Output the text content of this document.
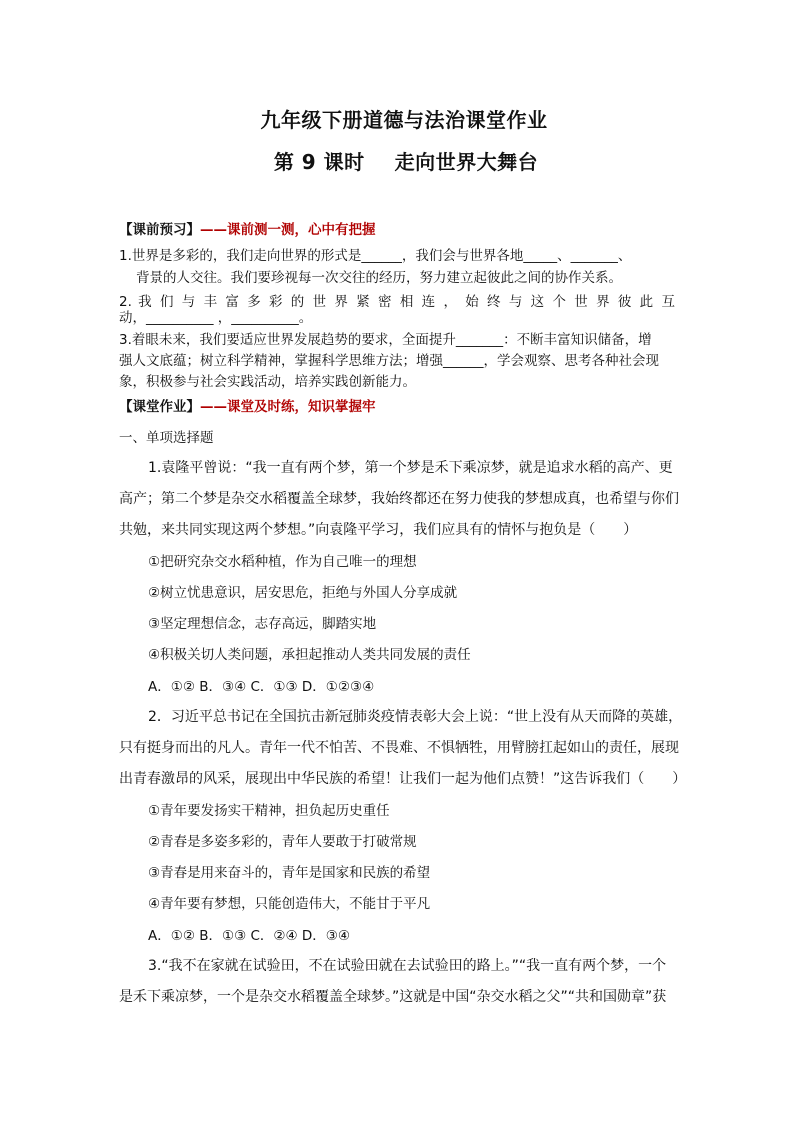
九年级下册道德与法治课堂作业
第 9 课时 走向世界大舞台
【课前预习】——课前测一测，心中有把握
1.世界是多彩的，我们走向世界的形式是______，我们会与世界各地_____、_______、
背景的人交往。我们要珍视每一次交往的经历，努力建立起彼此之间的协作关系。
2. 我 们 与 丰 富 多 彩 的 世 界 紧 密 相 连 ， 始 终 与 这 个 世 界 彼 此 互
动，__________ ，__________。
3.着眼未来，我们要适应世界发展趋势的要求，全面提升_______：不断丰富知识储备，增
强人文底蕴；树立科学精神，掌握科学思维方法；增强______，学会观察、思考各种社会现
象，积极参与社会实践活动，培养实践创新能力。
【课堂作业】——课堂及时练，知识掌握牢
一、单项选择题
1.袁隆平曾说：“我一直有两个梦，第一个梦是禾下乘凉梦，就是追求水稻的高产、更
高产；第二个梦是杂交水稻覆盖全球梦，我始终都还在努力使我的梦想成真，也希望与你们
共勉，来共同实现这两个梦想。”向袁隆平学习，我们应具有的情怀与抱负是（　　）
①把研究杂交水稻种植，作为自己唯一的理想
②树立忧患意识，居安思危，拒绝与外国人分享成就
③坚定理想信念，志存高远，脚踏实地
④积极关切人类问题，承担起推动人类共同发展的责任
A．①② B．③④ C．①③ D．①②③④
2．习近平总书记在全国抗击新冠肺炎疫情表彰大会上说：“世上没有从天而降的英雄，
只有挺身而出的凡人。青年一代不怕苦、不畏难、不惧牺牲，用臂膀扛起如山的责任，展现
出青春激昂的风采，展现出中华民族的希望！让我们一起为他们点赞！”这告诉我们（　　）
①青年要发扬实干精神，担负起历史重任
②青春是多姿多彩的，青年人要敢于打破常规
③青春是用来奋斗的，青年是国家和民族的希望
④青年要有梦想，只能创造伟大，不能甘于平凡
A．①② B．①③ C．②④ D．③④
3.“我不在家就在试验田，不在试验田就在去试验田的路上。”“我一直有两个梦，一个
是禾下乘凉梦，一个是杂交水稻覆盖全球梦。”这就是中国“杂交水稻之父”“共和国勋章”获
